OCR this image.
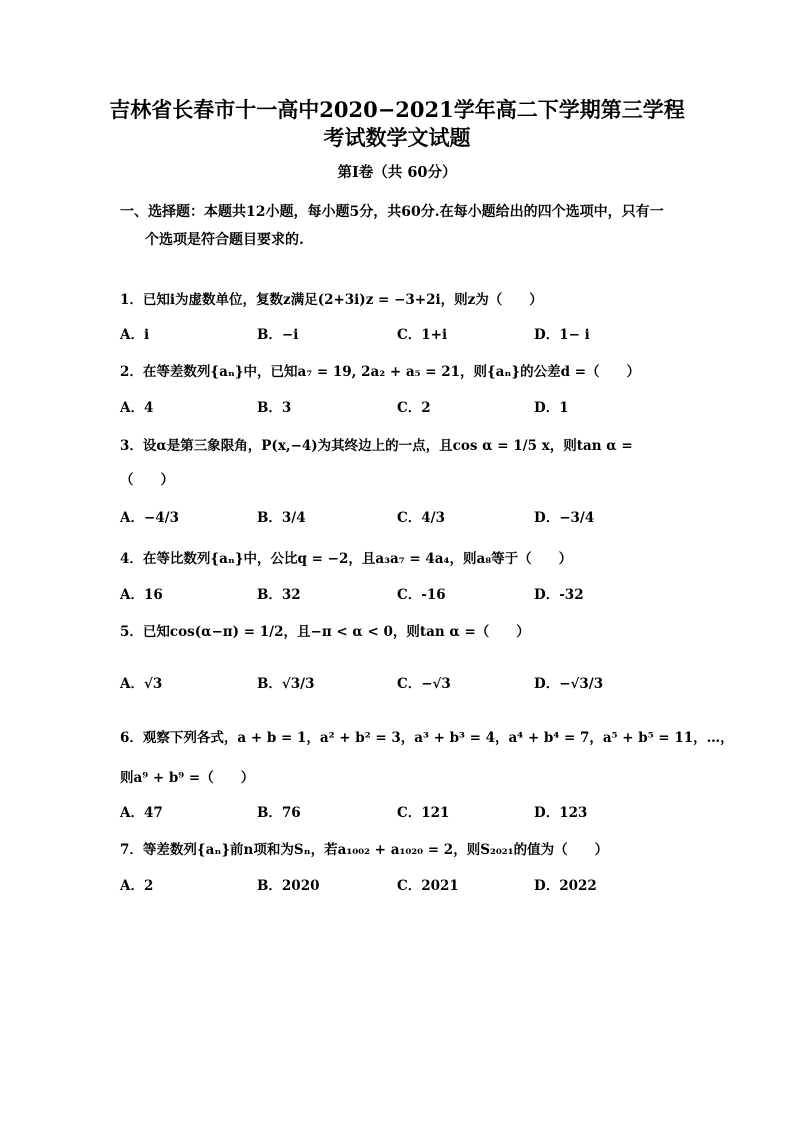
吉林省长春市十一高中2020−2021学年高二下学期第三学程
考试数学文试题
第Ⅰ卷（共 60分）
一、选择题：本题共12小题，每小题5分，共60分.在每小题给出的四个选项中，只有一
个选项是符合题目要求的.
1．已知i为虚数单位，复数z满足(2+3i)z = −3+2i，则z为（　　）
A．i	B．−i	C．1+i	D．1− i
2．在等差数列{aₙ}中，已知a₇ = 19, 2a₂ + a₅ = 21，则{aₙ}的公差d =（　　）
A．4	B．3	C．2	D．1
3．设α是第三象限角，P(x,−4)为其终边上的一点，且cos α = 1/5 x，则tan α =
（　　）
A．−4/3	B．3/4	C．4/3	D．−3/4
4．在等比数列{aₙ}中，公比q = −2，且a₃a₇ = 4a₄，则a₈等于（　　）
A．16	B．32	C．-16	D．-32
5．已知cos(α−π) = 1/2，且−π < α < 0，则tan α =（　　）
A．√3	B．√3/3	C．−√3	D．−√3/3
6．观察下列各式，a + b = 1，a² + b² = 3，a³ + b³ = 4，a⁴ + b⁴ = 7，a⁵ + b⁵ = 11，…，
则a⁹ + b⁹ =（　　）
A．47	B．76	C．121	D．123
7．等差数列{aₙ}前n项和为Sₙ，若a₁₀₀₂ + a₁₀₂₀ = 2，则S₂₀₂₁的值为（　　）
A．2	B．2020	C．2021	D．2022
